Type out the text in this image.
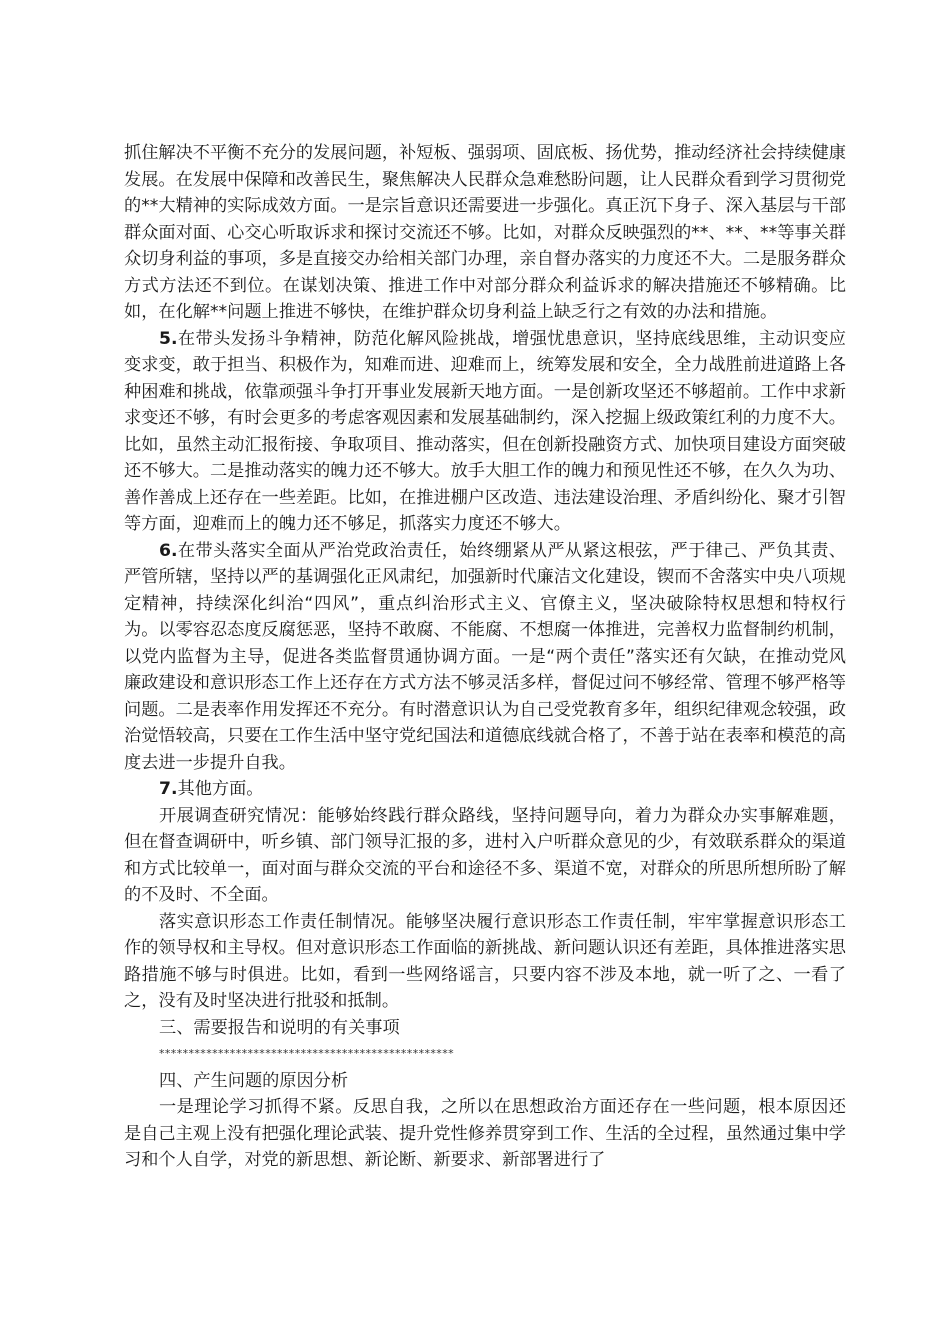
抓住解决不平衡不充分的发展问题，补短板、强弱项、固底板、扬优势，推动经济社会持续健康发展。在发展中保障和改善民生，聚焦解决人民群众急难愁盼问题，让人民群众看到学习贯彻党的**大精神的实际成效方面。一是宗旨意识还需要进一步强化。真正沉下身子、深入基层与干部群众面对面、心交心听取诉求和探讨交流还不够。比如，对群众反映强烈的**、**、**等事关群众切身利益的事项，多是直接交办给相关部门办理，亲自督办落实的力度还不大。二是服务群众方式方法还不到位。在谋划决策、推进工作中对部分群众利益诉求的解决措施还不够精确。比如，在化解**问题上推进不够快，在维护群众切身利益上缺乏行之有效的办法和措施。

5.在带头发扬斗争精神，防范化解风险挑战，增强忧患意识，坚持底线思维，主动识变应变求变，敢于担当、积极作为，知难而进、迎难而上，统筹发展和安全，全力战胜前进道路上各种困难和挑战，依靠顽强斗争打开事业发展新天地方面。一是创新攻坚还不够超前。工作中求新求变还不够，有时会更多的考虑客观因素和发展基础制约，深入挖掘上级政策红利的力度不大。比如，虽然主动汇报衔接、争取项目、推动落实，但在创新投融资方式、加快项目建设方面突破还不够大。二是推动落实的魄力还不够大。放手大胆工作的魄力和预见性还不够，在久久为功、善作善成上还存在一些差距。比如，在推进棚户区改造、违法建设治理、矛盾纠纷化、聚才引智等方面，迎难而上的魄力还不够足，抓落实力度还不够大。

6.在带头落实全面从严治党政治责任，始终绷紧从严从紧这根弦，严于律己、严负其责、严管所辖，坚持以严的基调强化正风肃纪，加强新时代廉洁文化建设，锲而不舍落实中央八项规定精神，持续深化纠治“四风”，重点纠治形式主义、官僚主义，坚决破除特权思想和特权行为。以零容忍态度反腐惩恶，坚持不敢腐、不能腐、不想腐一体推进，完善权力监督制约机制，以党内监督为主导，促进各类监督贯通协调方面。一是“两个责任”落实还有欠缺，在推动党风廉政建设和意识形态工作上还存在方式方法不够灵活多样，督促过问不够经常、管理不够严格等问题。二是表率作用发挥还不充分。有时潜意识认为自己受党教育多年，组织纪律观念较强，政治觉悟较高，只要在工作生活中坚守党纪国法和道德底线就合格了，不善于站在表率和模范的高度去进一步提升自我。

7.其他方面。

开展调查研究情况：能够始终践行群众路线，坚持问题导向，着力为群众办实事解难题，但在督查调研中，听乡镇、部门领导汇报的多，进村入户听群众意见的少，有效联系群众的渠道和方式比较单一，面对面与群众交流的平台和途径不多、渠道不宽，对群众的所思所想所盼了解的不及时、不全面。

落实意识形态工作责任制情况。能够坚决履行意识形态工作责任制，牢牢掌握意识形态工作的领导权和主导权。但对意识形态工作面临的新挑战、新问题认识还有差距，具体推进落实思路措施不够与时俱进。比如，看到一些网络谣言，只要内容不涉及本地，就一听了之、一看了之，没有及时坚决进行批驳和抵制。

三、需要报告和说明的有关事项

**************************************************

四、产生问题的原因分析

一是理论学习抓得不紧。反思自我，之所以在思想政治方面还存在一些问题，根本原因还是自己主观上没有把强化理论武装、提升党性修养贯穿到工作、生活的全过程，虽然通过集中学习和个人自学，对党的新思想、新论断、新要求、新部署进行了
